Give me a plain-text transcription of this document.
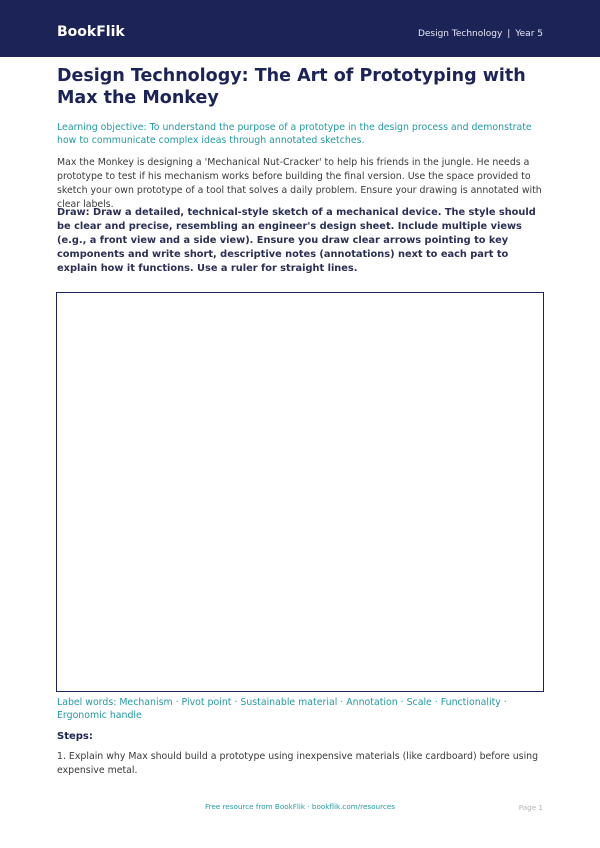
BookFlik	Design Technology | Year 5
Design Technology: The Art of Prototyping with Max the Monkey

Learning objective: To understand the purpose of a prototype in the design process and demonstrate how to communicate complex ideas through annotated sketches.

Max the Monkey is designing a 'Mechanical Nut-Cracker' to help his friends in the jungle. He needs a prototype to test if his mechanism works before building the final version. Use the space provided to sketch your own prototype of a tool that solves a daily problem. Ensure your drawing is annotated with clear labels.

Draw: Draw a detailed, technical-style sketch of a mechanical device. The style should be clear and precise, resembling an engineer's design sheet. Include multiple views (e.g., a front view and a side view). Ensure you draw clear arrows pointing to key components and write short, descriptive notes (annotations) next to each part to explain how it functions. Use a ruler for straight lines.

Label words: Mechanism · Pivot point · Sustainable material · Annotation · Scale · Functionality · Ergonomic handle

Steps:

1. Explain why Max should build a prototype using inexpensive materials (like cardboard) before using expensive metal.

Free resource from BookFlik · bookflik.com/resources	Page 1
